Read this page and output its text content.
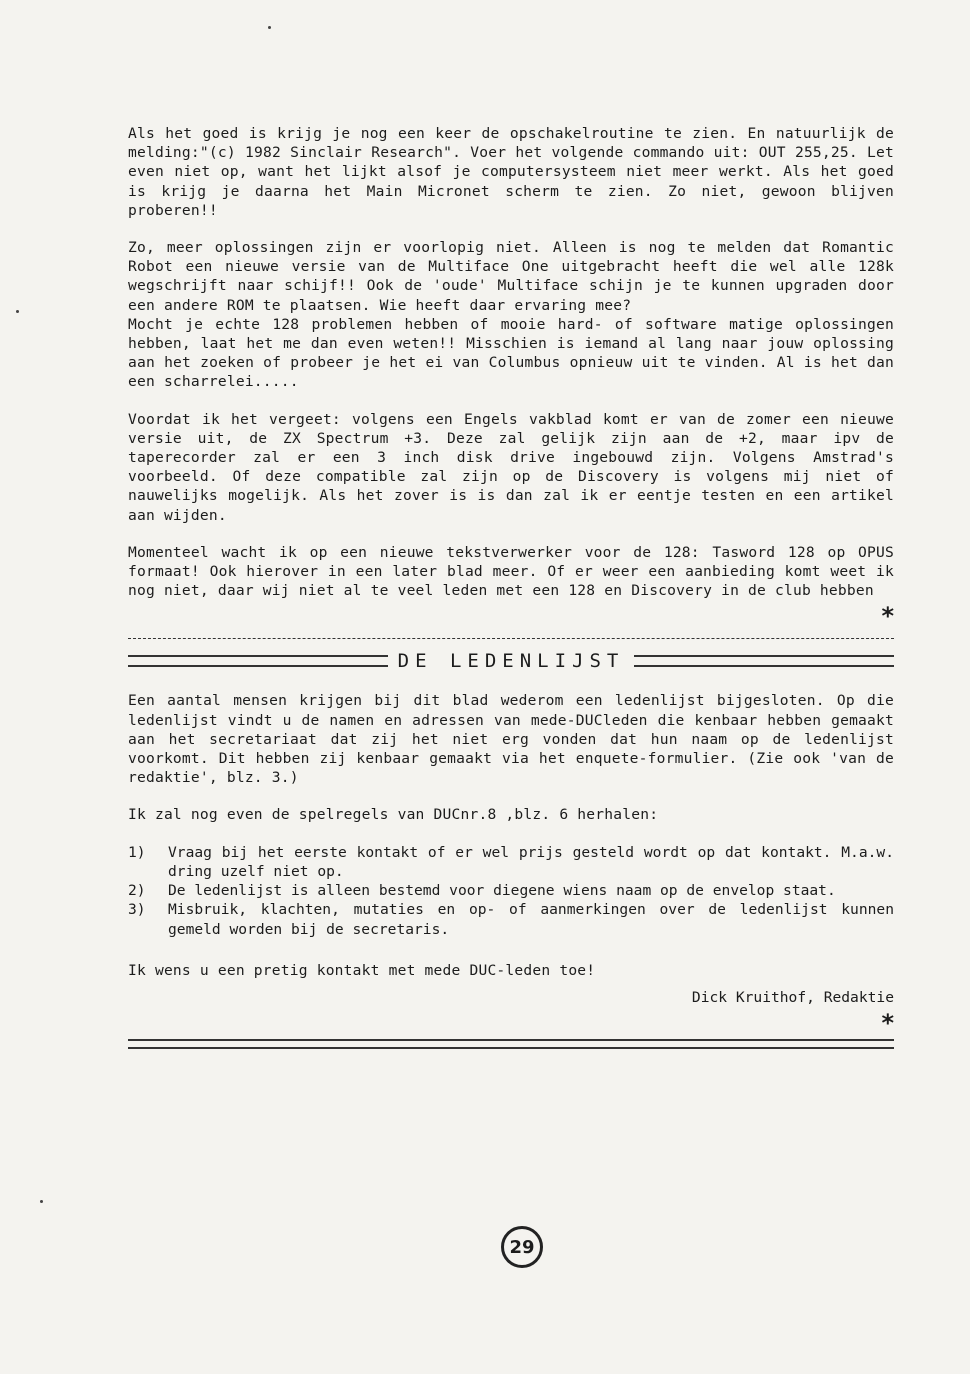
Als het goed is krijg je nog een keer de opschakelroutine te zien. En natuurlijk de melding:"(c) 1982 Sinclair Research". Voer het volgende commando uit: OUT 255,25. Let even niet op, want het lijkt alsof je computersysteem niet meer werkt. Als het goed is krijg je daarna het Main Micronet scherm te zien. Zo niet, gewoon blijven proberen!!

Zo, meer oplossingen zijn er voorlopig niet. Alleen is nog te melden dat Romantic Robot een nieuwe versie van de Multiface One uitgebracht heeft die wel alle 128k wegschrijft naar schijf!! Ook de 'oude' Multiface schijn je te kunnen upgraden door een andere ROM te plaatsen. Wie heeft daar ervaring mee?

Mocht je echte 128 problemen hebben of mooie hard- of software matige oplossingen hebben, laat het me dan even weten!! Misschien is iemand al lang naar jouw oplossing aan het zoeken of probeer je het ei van Columbus opnieuw uit te vinden. Al is het dan een scharrelei.....

Voordat ik het vergeet: volgens een Engels vakblad komt er van de zomer een nieuwe versie uit, de ZX Spectrum +3. Deze zal gelijk zijn aan de +2, maar ipv de taperecorder zal er een 3 inch disk drive ingebouwd zijn. Volgens Amstrad's voorbeeld. Of deze compatible zal zijn op de Discovery is volgens mij niet of nauwelijks mogelijk. Als het zover is is dan zal ik er eentje testen en een artikel aan wijden.

Momenteel wacht ik op een nieuwe tekstverwerker voor de 128: Tasword 128 op OPUS formaat! Ook hierover in een later blad meer. Of er weer een aanbieding komt weet ik nog niet, daar wij niet al te veel leden met een 128 en Discovery in de club hebben

*
DE LEDENLIJST

Een aantal mensen krijgen bij dit blad wederom een ledenlijst bijgesloten. Op die ledenlijst vindt u de namen en adressen van mede-DUCleden die kenbaar hebben gemaakt aan het secretariaat dat zij het niet erg vonden dat hun naam op de ledenlijst voorkomt. Dit hebben zij kenbaar gemaakt via het enquete-formulier. (Zie ook 'van de redaktie', blz. 3.)

Ik zal nog even de spelregels van DUCnr.8 ,blz. 6 herhalen:

1)	Vraag bij het eerste kontakt of er wel prijs gesteld wordt op dat kontakt. M.a.w. dring uzelf niet op.
2)	De ledenlijst is alleen bestemd voor diegene wiens naam op de envelop staat.
3)	Misbruik, klachten, mutaties en op- of aanmerkingen over de ledenlijst kunnen gemeld worden bij de secretaris.

Ik wens u een pretig kontakt met mede DUC-leden toe!

Dick Kruithof, Redaktie
*
29
